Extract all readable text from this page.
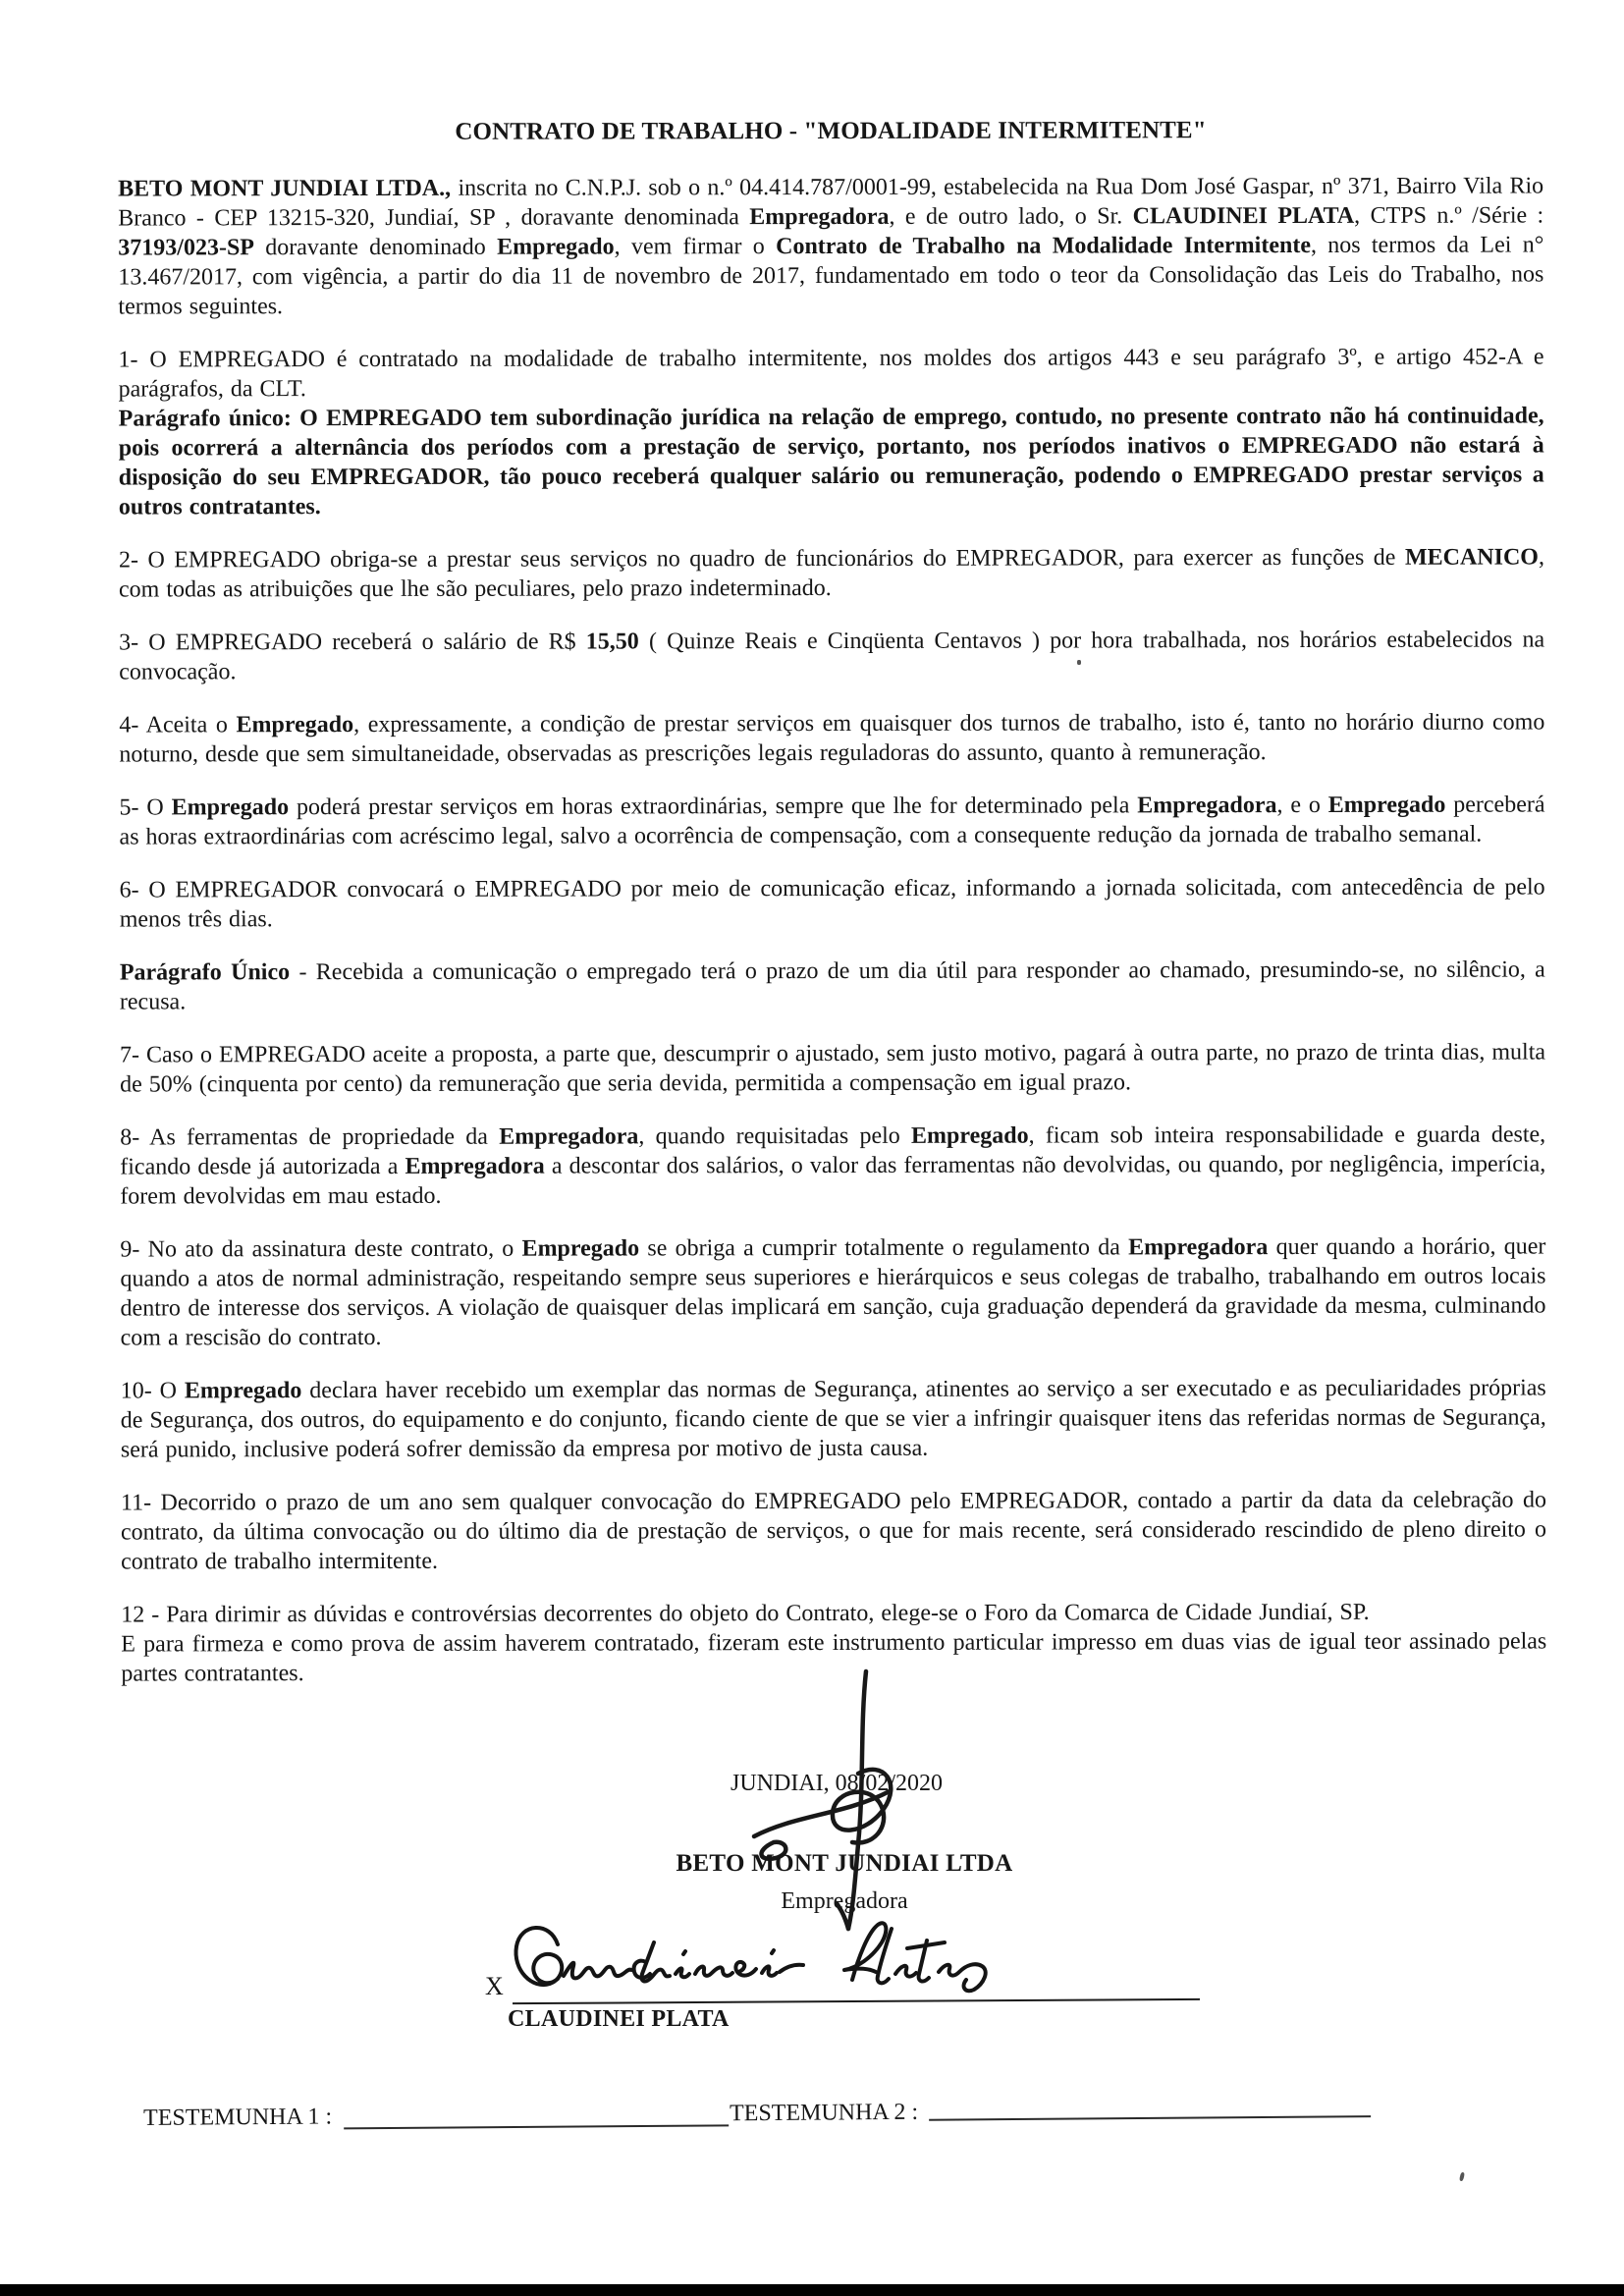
CONTRATO DE TRABALHO - "MODALIDADE INTERMITENTE"

BETO MONT JUNDIAI LTDA., inscrita no C.N.P.J. sob o n.º 04.414.787/0001-99, estabelecida na Rua Dom José Gaspar, nº 371, Bairro Vila Rio Branco - CEP 13215-320, Jundiaí, SP , doravante denominada Empregadora, e de outro lado, o Sr. CLAUDINEI PLATA, CTPS n.º /Série : 37193/023-SP doravante denominado Empregado, vem firmar o Contrato de Trabalho na Modalidade Intermitente, nos termos da Lei n° 13.467/2017, com vigência, a partir do dia 11 de novembro de 2017, fundamentado em todo o teor da Consolidação das Leis do Trabalho, nos termos seguintes.

1- O EMPREGADO é contratado na modalidade de trabalho intermitente, nos moldes dos artigos 443 e seu parágrafo 3º, e artigo 452-A e parágrafos, da CLT.

Parágrafo único: O EMPREGADO tem subordinação jurídica na relação de emprego, contudo, no presente contrato não há continuidade, pois ocorrerá a alternância dos períodos com a prestação de serviço, portanto, nos períodos inativos o EMPREGADO não estará à disposição do seu EMPREGADOR, tão pouco receberá qualquer salário ou remuneração, podendo o EMPREGADO prestar serviços a outros contratantes.

2- O EMPREGADO obriga-se a prestar seus serviços no quadro de funcionários do EMPREGADOR, para exercer as funções de MECANICO, com todas as atribuições que lhe são peculiares, pelo prazo indeterminado.

3- O EMPREGADO receberá o salário de R$ 15,50 ( Quinze Reais e Cinqüenta Centavos ) por hora trabalhada, nos horários estabelecidos na convocação.

4- Aceita o Empregado, expressamente, a condição de prestar serviços em quaisquer dos turnos de trabalho, isto é, tanto no horário diurno como noturno, desde que sem simultaneidade, observadas as prescrições legais reguladoras do assunto, quanto à remuneração.

5- O Empregado poderá prestar serviços em horas extraordinárias, sempre que lhe for determinado pela Empregadora, e o Empregado perceberá as horas extraordinárias com acréscimo legal, salvo a ocorrência de compensação, com a consequente redução da jornada de trabalho semanal.

6- O EMPREGADOR convocará o EMPREGADO por meio de comunicação eficaz, informando a jornada solicitada, com antecedência de pelo menos três dias.

Parágrafo Único - Recebida a comunicação o empregado terá o prazo de um dia útil para responder ao chamado, presumindo-se, no silêncio, a recusa.

7- Caso o EMPREGADO aceite a proposta, a parte que, descumprir o ajustado, sem justo motivo, pagará à outra parte, no prazo de trinta dias, multa de 50% (cinquenta por cento) da remuneração que seria devida, permitida a compensação em igual prazo.

8- As ferramentas de propriedade da Empregadora, quando requisitadas pelo Empregado, ficam sob inteira responsabilidade e guarda deste, ficando desde já autorizada a Empregadora a descontar dos salários, o valor das ferramentas não devolvidas, ou quando, por negligência, imperícia, forem devolvidas em mau estado.

9- No ato da assinatura deste contrato, o Empregado se obriga a cumprir totalmente o regulamento da Empregadora quer quando a horário, quer quando a atos de normal administração, respeitando sempre seus superiores e hierárquicos e seus colegas de trabalho, trabalhando em outros locais dentro de interesse dos serviços. A violação de quaisquer delas implicará em sanção, cuja graduação dependerá da gravidade da mesma, culminando com a rescisão do contrato.

10- O Empregado declara haver recebido um exemplar das normas de Segurança, atinentes ao serviço a ser executado e as peculiaridades próprias de Segurança, dos outros, do equipamento e do conjunto, ficando ciente de que se vier a infringir quaisquer itens das referidas normas de Segurança, será punido, inclusive poderá sofrer demissão da empresa por motivo de justa causa.

11- Decorrido o prazo de um ano sem qualquer convocação do EMPREGADO pelo EMPREGADOR, contado a partir da data da celebração do contrato, da última convocação ou do último dia de prestação de serviços, o que for mais recente, será considerado rescindido de pleno direito o contrato de trabalho intermitente.

12 - Para dirimir as dúvidas e controvérsias decorrentes do objeto do Contrato, elege-se o Foro da Comarca de Cidade Jundiaí, SP.

E para firmeza e como prova de assim haverem contratado, fizeram este instrumento particular impresso em duas vias de igual teor assinado pelas partes contratantes.

JUNDIAI, 08/02/2020
BETO MONT JUNDIAI LTDA
Empregadora
X
CLAUDINEI PLATA
TESTEMUNHA 1 :	TESTEMUNHA 2 :
